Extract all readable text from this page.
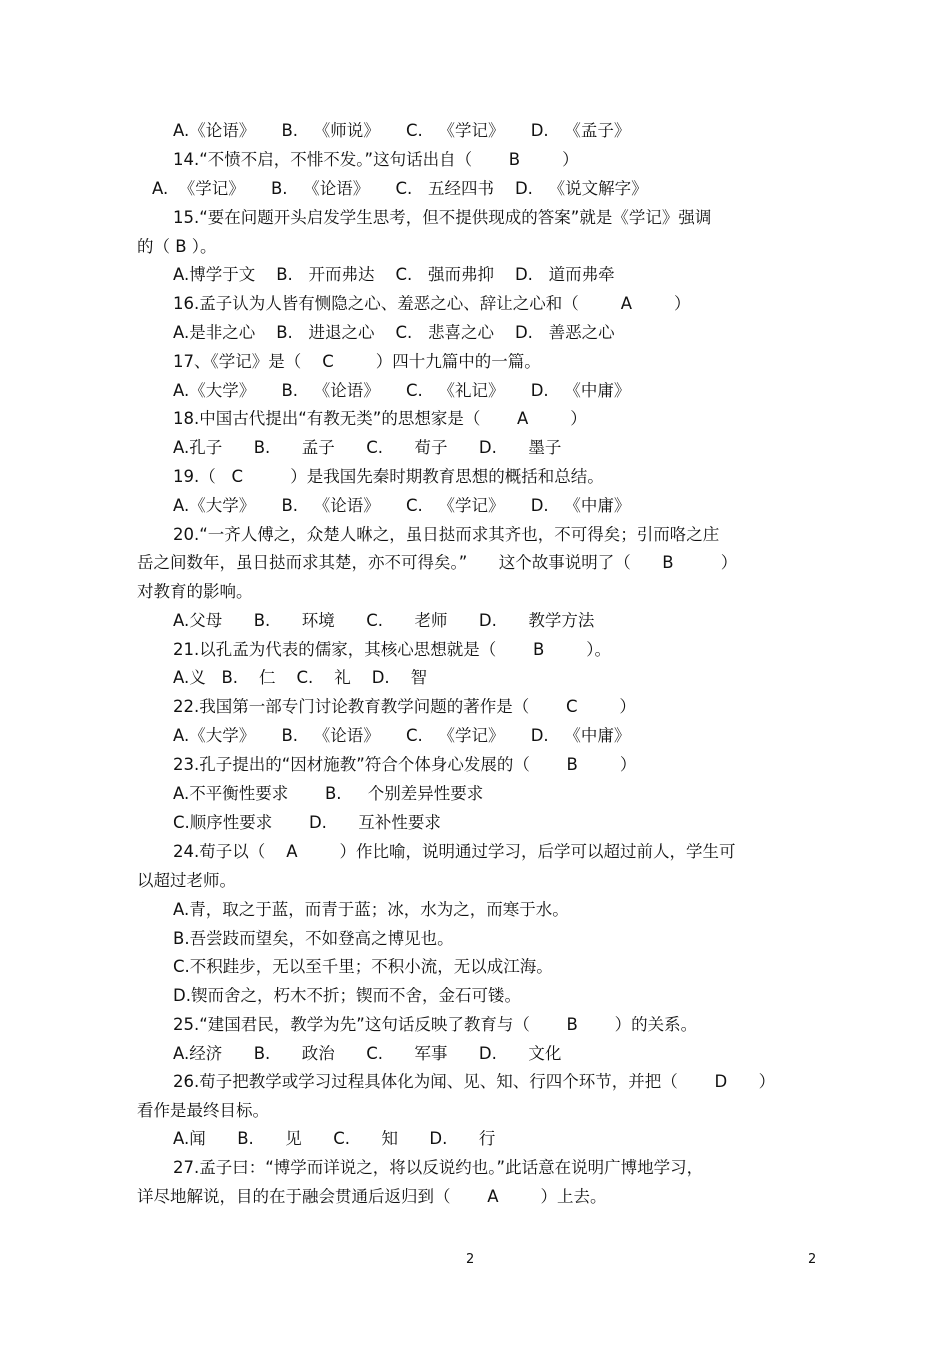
A.《论语》     B.   《师说》     C.   《学记》     D.   《孟子》
14.“不愤不启，不悱不发。”这句话出自（       B        ）
A.  《学记》     B.   《论语》     C.   五经四书    D.   《说文解字》
15.“要在问题开头启发学生思考，但不提供现成的答案”就是《学记》强调
的（ B ）。
A.博学于文    B.   开而弗达    C.   强而弗抑    D.   道而弗牵
16.孟子认为人皆有恻隐之心、羞恶之心、辞让之心和（        A        ）
A.是非之心    B.   进退之心    C.   悲喜之心    D.   善恶之心
17、《学记》是（    C        ）四十九篇中的一篇。
A.《大学》     B.   《论语》     C.   《礼记》     D.   《中庸》
18.中国古代提出“有教无类”的思想家是（       A        ）
A.孔子      B.      孟子      C.      荀子      D.      墨子
19.（   C         ）是我国先秦时期教育思想的概括和总结。
A.《大学》     B.   《论语》     C.   《学记》     D.   《中庸》
20.“一齐人傅之，众楚人咻之，虽日挞而求其齐也，不可得矣；引而咯之庄
岳之间数年，虽日挞而求其楚，亦不可得矣。”      这个故事说明了（      B         ）
对教育的影响。
A.父母      B.      环境      C.      老师      D.      教学方法
21.以孔孟为代表的儒家，其核心思想就是（       B        ）。
A.义   B.    仁    C.    礼    D.    智
22.我国第一部专门讨论教育教学问题的著作是（       C        ）
A.《大学》     B.   《论语》     C.   《学记》     D.   《中庸》
23.孔子提出的“因材施教”符合个体身心发展的（       B        ）
A.不平衡性要求       B.     个别差异性要求
C.顺序性要求       D.      互补性要求
24.荀子以（    A        ）作比喻，说明通过学习，后学可以超过前人，学生可
以超过老师。
A.青，取之于蓝，而青于蓝；冰，水为之，而寒于水。
B.吾尝跂而望矣，不如登高之博见也。
C.不积跬步，无以至千里；不积小流，无以成江海。
D.锲而舍之，朽木不折；锲而不舍，金石可镂。
25.“建国君民，教学为先”这句话反映了教育与（       B       ）的关系。
A.经济      B.      政治      C.      军事      D.      文化
26.荀子把教学或学习过程具体化为闻、见、知、行四个环节，并把（       D      ）
看作是最终目标。
A.闻      B.      见      C.      知      D.      行
27.孟子曰：“博学而详说之，将以反说约也。”此话意在说明广博地学习，
详尽地解说，目的在于融会贯通后返归到（       A        ）上去。
2	2
